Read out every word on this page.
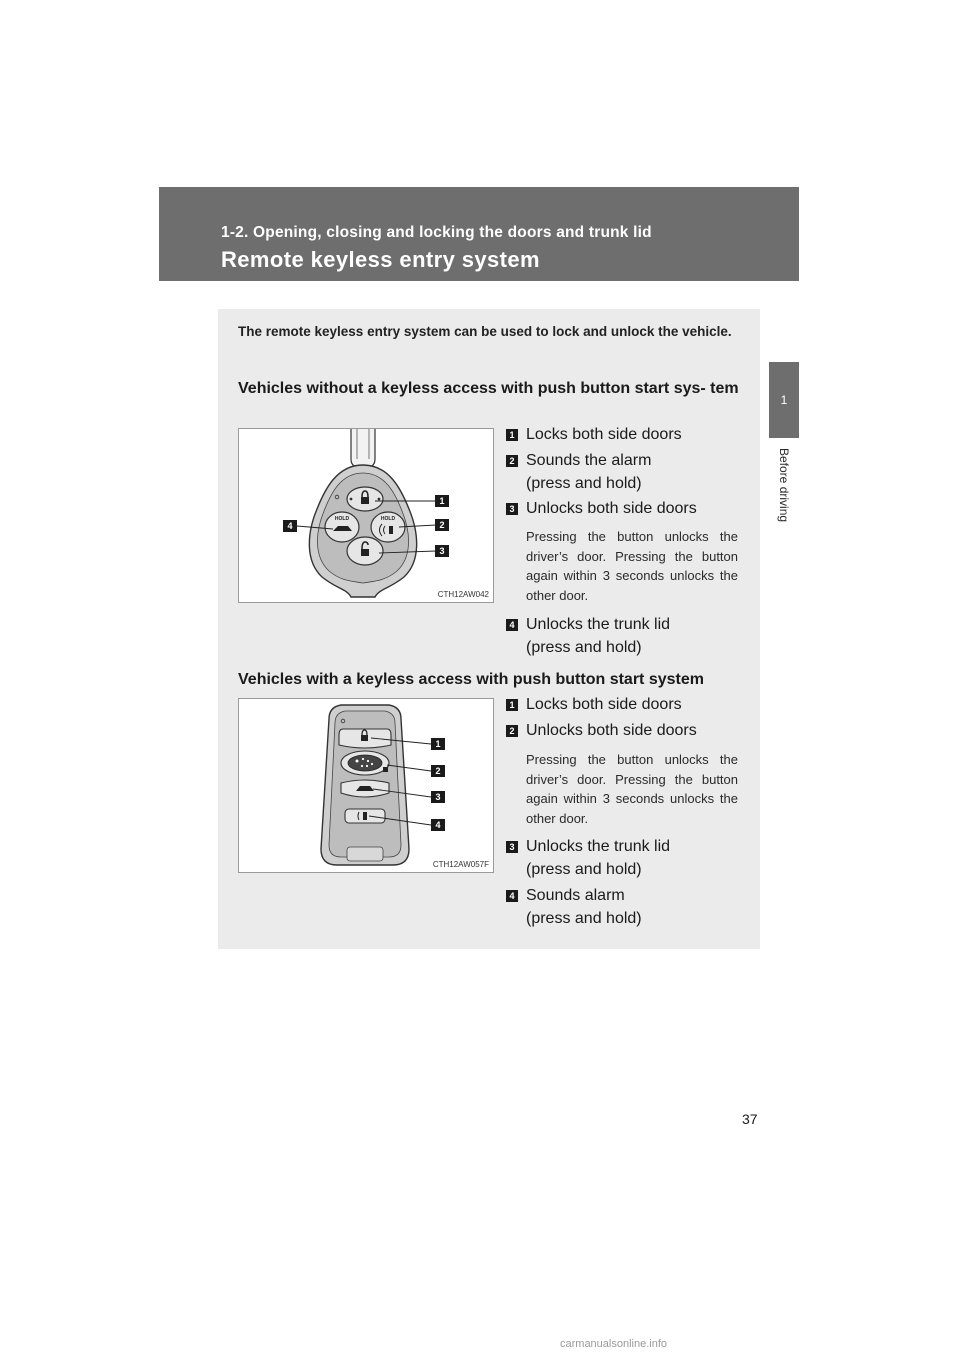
1-2. Opening, closing and locking the doors and trunk lid
Remote keyless entry system
1
Before driving
The remote keyless entry system can be used to lock and unlock the vehicle.
Vehicles without a keyless access with push button start sys- tem
HOLD	HOLD
1
2
3
4
CTH12AW042
1 Locks both side doors
2 Sounds the alarm (press and hold)
3 Unlocks both side doors
Pressing the button unlocks the driver’s door. Pressing the button again within 3 seconds unlocks the other door.
4 Unlocks the trunk lid (press and hold)
Vehicles with a keyless access with push button start system
1
2
3
4
CTH12AW057F
1 Locks both side doors
2 Unlocks both side doors
Pressing the button unlocks the driver’s door. Pressing the button again within 3 seconds unlocks the other door.
3 Unlocks the trunk lid (press and hold)
4 Sounds alarm (press and hold)
37
carmanualsonline.info
